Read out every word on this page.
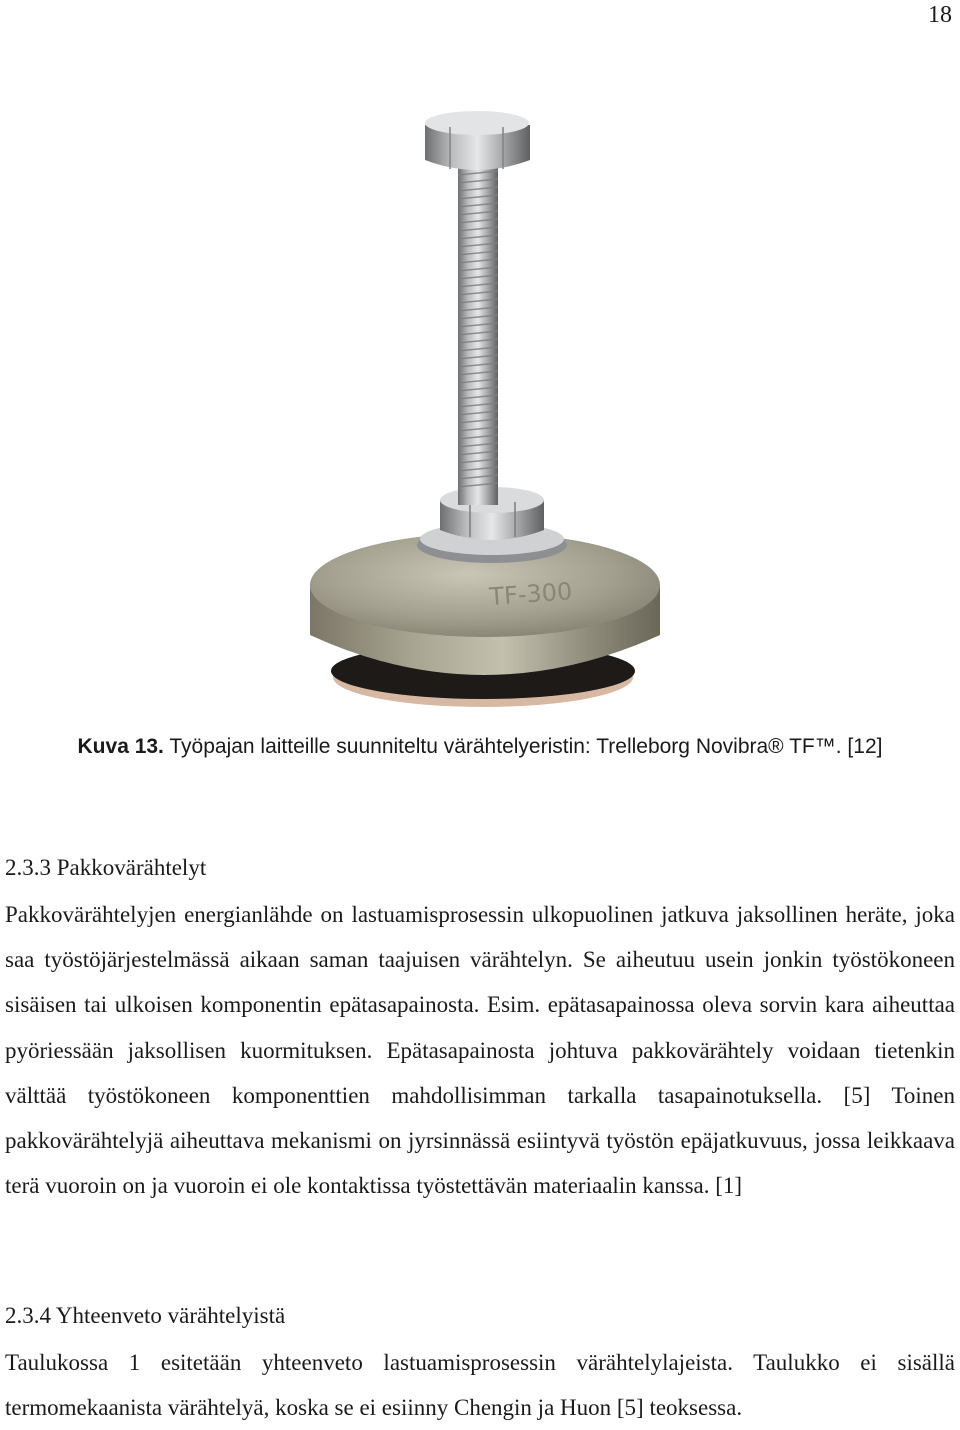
18
TF-300
Kuva 13. Työpajan laitteille suunniteltu värähtelyeristin: Trelleborg Novibra® TF™. [12]
2.3.3 Pakkovärähtelyt
Pakkovärähtelyjen energianlähde on lastuamisprosessin ulkopuolinen jatkuva jaksollinen heräte, joka saa työstöjärjestelmässä aikaan saman taajuisen värähtelyn. Se aiheutuu usein jonkin työstökoneen sisäisen tai ulkoisen komponentin epätasapainosta. Esim. epätasapainossa oleva sorvin kara aiheuttaa pyöriessään jaksollisen kuormituksen. Epätasapainosta johtuva pakkovärähtely voidaan tietenkin välttää työstökoneen komponenttien mahdollisimman tarkalla tasapainotuksella. [5] Toinen pakkovärähtelyjä aiheuttava mekanismi on jyrsinnässä esiintyvä työstön epäjatkuvuus, jossa leikkaava terä vuoroin on ja vuoroin ei ole kontaktissa työstettävän materiaalin kanssa. [1]
2.3.4 Yhteenveto värähtelyistä
Taulukossa 1 esitetään yhteenveto lastuamisprosessin värähtelylajeista. Taulukko ei sisällä termomekaanista värähtelyä, koska se ei esiinny Chengin ja Huon [5] teoksessa.
